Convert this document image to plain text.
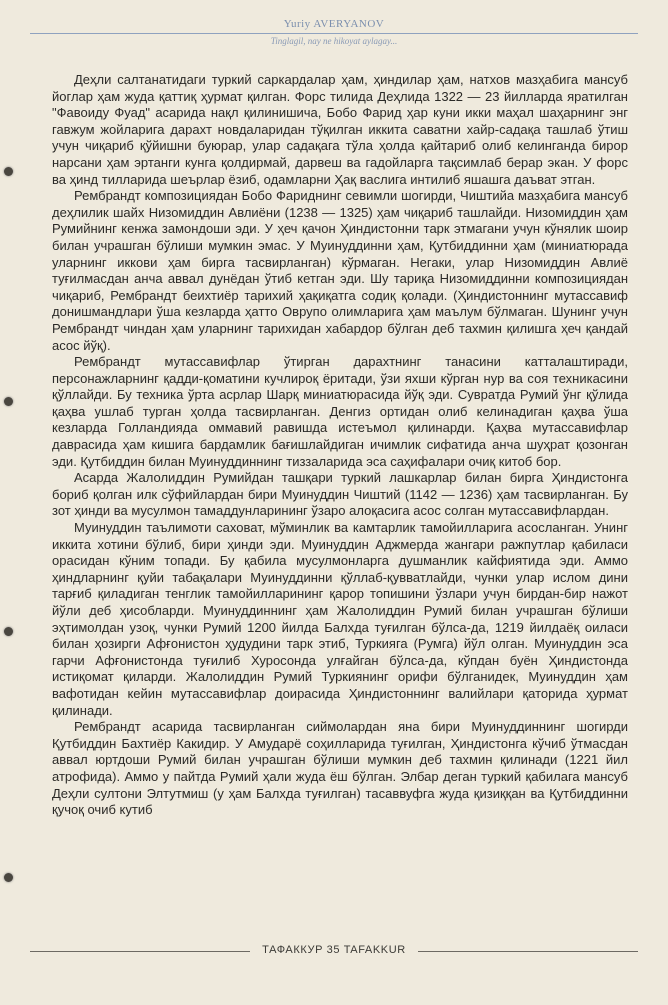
Yuriy AVERYANOV
Tinglagil, nay ne hikoyat aylagay...

Деҳли салтанатидаги туркий саркардалар ҳам, ҳиндилар ҳам, натхов мазҳабига мансуб йоглар ҳам жуда қаттиқ ҳурмат қилган. Форс тилида Деҳлида 1322 — 23 йилларда яратилган "Фавоиду Фуад" асарида нақл қилинишича, Бобо Фарид ҳар куни икки маҳал шаҳарнинг энг гавжум жойларига дарахт новдаларидан тўқилган иккита саватни хайр-садақа ташлаб ўтиш учун чиқариб қўйишни буюрар, улар садақага тўла ҳолда қайтариб олиб келинганда бирор нарсани ҳам эртанги кунга қолдирмай, дарвеш ва гадойларга тақсимлаб берар экан. У форс ва ҳинд тилларида шеърлар ёзиб, одамларни Ҳақ васлига интилиб яшашга даъват этган.

Рембрандт композициядан Бобо Фариднинг севимли шогирди, Чиштийа мазҳабига мансуб деҳлилик шайх Низомиддин Авлиёни (1238 — 1325) ҳам чиқариб ташлайди. Низомиддин ҳам Румийнинг кенжа замондоши эди. У ҳеч қачон Ҳиндистонни тарк этмагани учун кўнялик шоир билан учрашган бўлиши мумкин эмас. У Муинуддинни ҳам, Қутбиддинни ҳам (миниатюрада уларнинг иккови ҳам бирга тасвирланган) кўрмаган. Негаки, улар Низомиддин Авлиё туғилмасдан анча аввал дунёдан ўтиб кетган эди. Шу тариқа Низомиддинни композициядан чиқариб, Рембрандт беихтиёр тарихий ҳақиқатга содиқ қолади. (Ҳиндистоннинг мутассавиф донишмандлари ўша кезларда ҳатто Оврупо олимларига ҳам маълум бўлмаган. Шунинг учун Рембрандт чиндан ҳам уларнинг тарихидан хабардор бўлган деб тахмин қилишга ҳеч қандай асос йўқ).

Рембрандт мутассавифлар ўтирган дарахтнинг танасини катталаштиради, персонажларнинг қадди-қоматини кучлироқ ёритади, ўзи яхши кўрган нур ва соя техникасини қўллайди. Бу техника ўрта асрлар Шарқ миниатюрасида йўқ эди. Сувратда Румий ўнг қўлида қаҳва ушлаб турган ҳолда тасвирланган. Денгиз ортидан олиб келинадиган қаҳва ўша кезларда Голландияда оммавий равишда истеъмол қилинарди. Қаҳва мутассавифлар даврасида ҳам кишига бардамлик бағишлайдиган ичимлик сифатида анча шуҳрат қозонган эди. Қутбиддин билан Муинуддиннинг тиззаларида эса саҳифалари очиқ китоб бор.

Асарда Жалолиддин Румийдан ташқари туркий лашкарлар билан бирга Ҳиндистонга бориб қолган илк сўфийлардан бири Муинуддин Чиштий (1142 — 1236) ҳам тасвирланган. Бу зот ҳинди ва мусулмон тамаддунларининг ўзаро алоқасига асос солган мутассавифлардан.

Муинуддин таълимоти саховат, мўминлик ва камтарлик тамойилларига асосланган. Унинг иккита хотини бўлиб, бири ҳинди эди. Муинуддин Аджмерда жангари ражпутлар қабиласи орасидан кўним топади. Бу қабила мусулмонларга душманлик кайфиятида эди. Аммо ҳиндларнинг қуйи табақалари Муинуддинни қўллаб-қувватлайди, чунки улар ислом дини тарғиб қиладиган тенглик тамойилларининг қарор топишини ўзлари учун бирдан-бир нажот йўли деб ҳисобларди. Муинуддиннинг ҳам Жалолиддин Румий билан учрашган бўлиши эҳтимолдан узоқ, чунки Румий 1200 йилда Балхда туғилган бўлса-да, 1219 йилдаёқ оиласи билан ҳозирги Афғонистон ҳудудини тарк этиб, Туркияга (Румга) йўл олган. Муинуддин эса гарчи Афғонистонда туғилиб Хуросонда улғайган бўлса-да, кўпдан буён Ҳиндистонда истиқомат қиларди. Жалолиддин Румий Туркиянинг орифи бўлганидек, Муинуддин ҳам вафотидан кейин мутассавифлар доирасида Ҳиндистоннинг валийлари қаторида ҳурмат қилинади.

Рембрандт асарида тасвирланган сиймолардан яна бири Муинуддиннинг шогирди Қутбиддин Бахтиёр Какидир. У Амударё соҳилларида туғилган, Ҳиндистонга кўчиб ўтмасдан аввал юртдоши Румий билан учрашган бўлиши мумкин деб тахмин қилинади (1221 йил атрофида). Аммо у пайтда Румий ҳали жуда ёш бўлган. Элбар деган туркий қабилага мансуб Деҳли султони Элтутмиш (у ҳам Балхда туғилган) тасаввуфга жуда қизиққан ва Қутбиддинни қучоқ очиб кутиб

ТАФАККУР 35 TAFAKKUR
